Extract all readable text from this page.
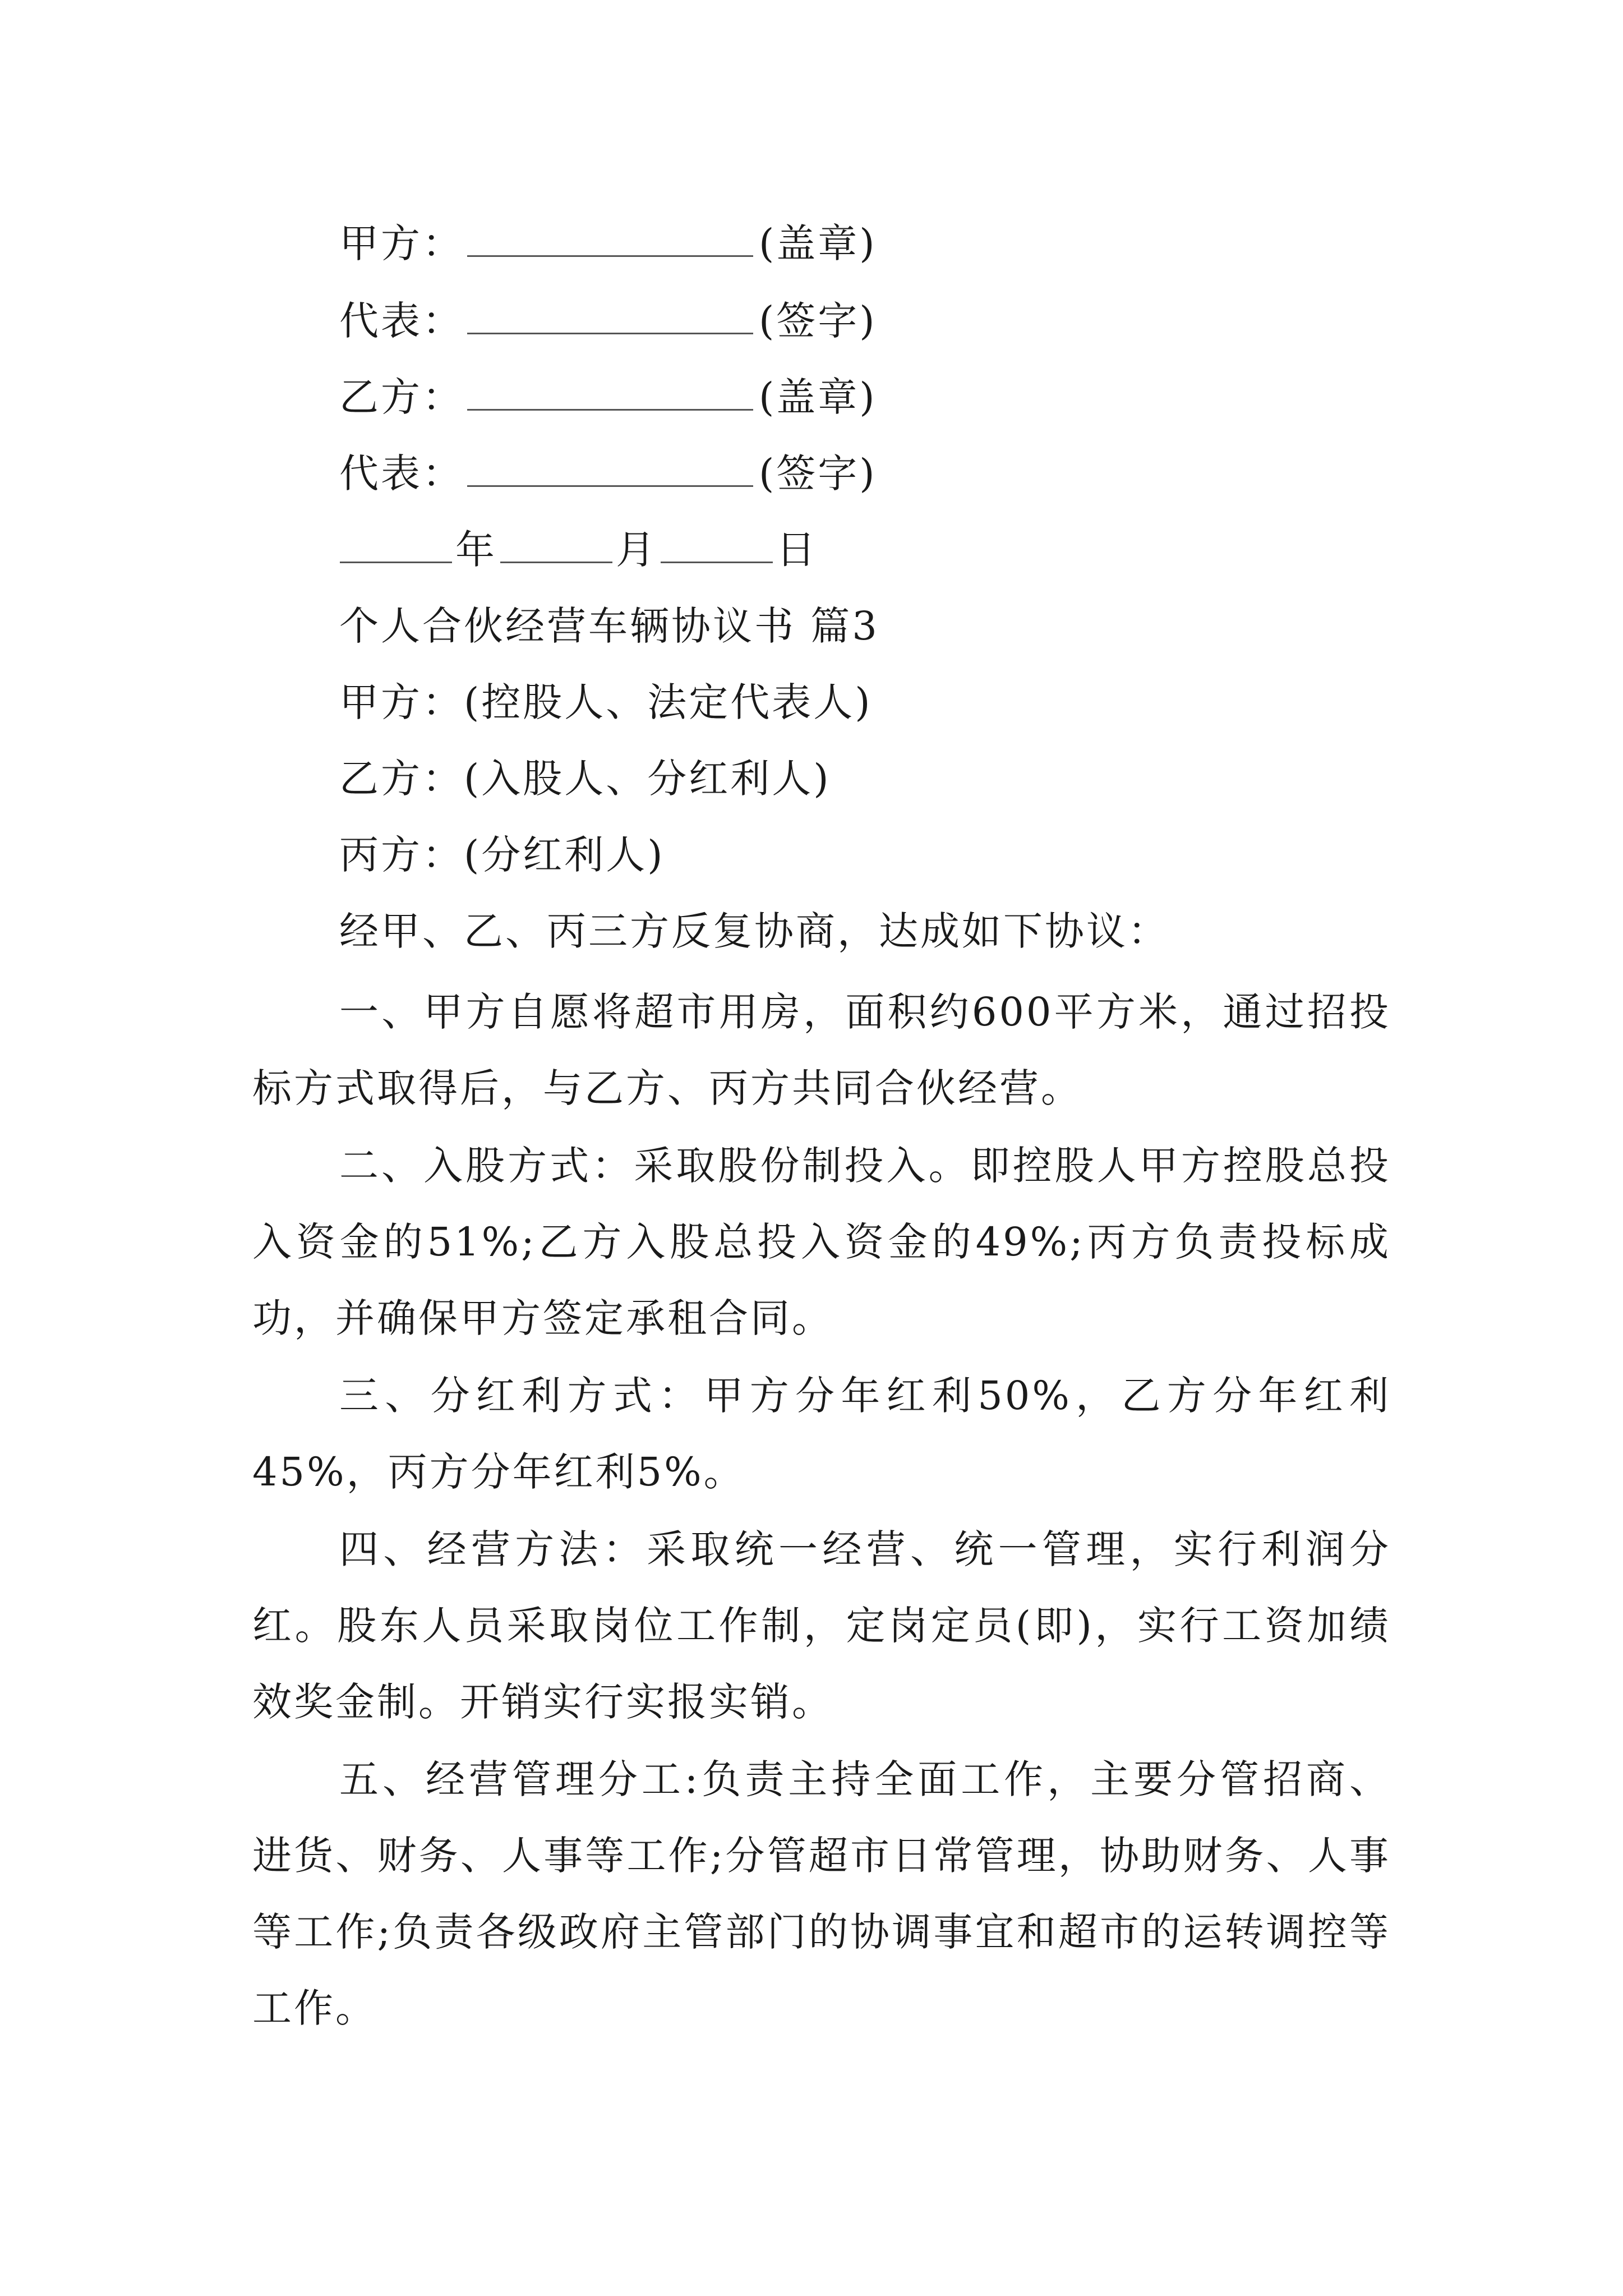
甲方：	(盖章)
代表：	(签字)
乙方：	(盖章)
代表：	(签字)
年	月	日
个人合伙经营车辆协议书 篇3
甲方：(控股人、法定代表人)
乙方：(入股人、分红利人)
丙方：(分红利人)
经甲、乙、丙三方反复协商，达成如下协议：
一、甲方自愿将超市用房，面积约600平方米，通过招投标方式取得后，与乙方、丙方共同合伙经营。
二、入股方式：采取股份制投入。即控股人甲方控股总投入资金的51%;乙方入股总投入资金的49%;丙方负责投标成功，并确保甲方签定承租合同。
三、分红利方式：甲方分年红利50%，乙方分年红利45%，丙方分年红利5%。
四、经营方法：采取统一经营、统一管理，实行利润分红。股东人员采取岗位工作制，定岗定员(即)，实行工资加绩效奖金制。开销实行实报实销。
五、经营管理分工:负责主持全面工作，主要分管招商、进货、财务、人事等工作;分管超市日常管理，协助财务、人事等工作;负责各级政府主管部门的协调事宜和超市的运转调控等工作。
